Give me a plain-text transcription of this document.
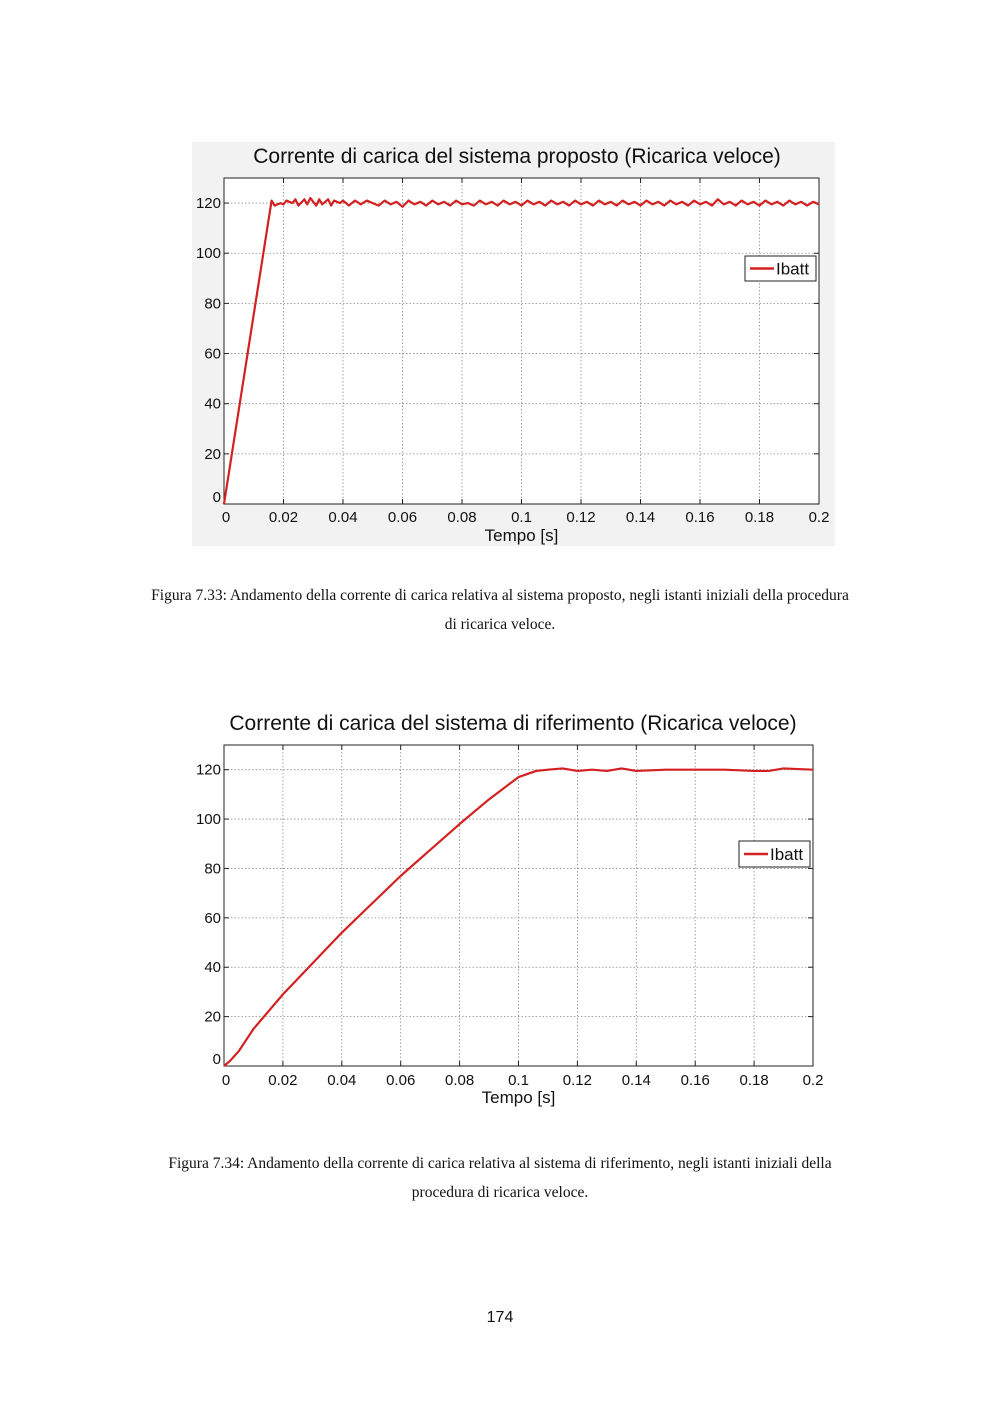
0	0.02 0.04 0.06 0.08 0.1 0.12 0.14 0.16 0.18 0.2
0
20
40
60
80
100
120
Corrente di carica del sistema proposto (Ricarica veloce)
Tempo [s]
Ibatt
Figura 7.33: Andamento della corrente di carica relativa al sistema proposto, negli istanti iniziali della procedura di ricarica veloce.
0	0.02 0.04 0.06 0.08 0.1 0.12 0.14 0.16 0.18 0.2
0
20
40
60
80
100
120
Corrente di carica del sistema di riferimento (Ricarica veloce)
Tempo [s]
Ibatt
Figura 7.34: Andamento della corrente di carica relativa al sistema di riferimento, negli istanti iniziali della procedura di ricarica veloce.
174
